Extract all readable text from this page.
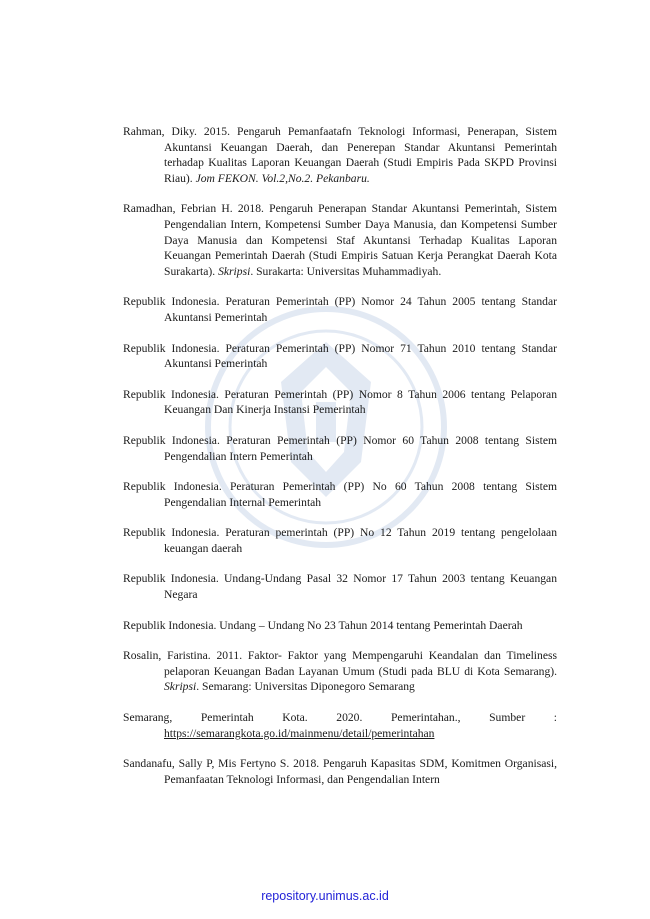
Rahman, Diky. 2015. Pengaruh Pemanfaatafn Teknologi Informasi, Penerapan, Sistem Akuntansi Keuangan Daerah, dan Penerepan Standar Akuntansi Pemerintah terhadap Kualitas Laporan Keuangan Daerah (Studi Empiris Pada SKPD Provinsi Riau). Jom FEKON. Vol.2,No.2. Pekanbaru.

Ramadhan, Febrian H. 2018. Pengaruh Penerapan Standar Akuntansi Pemerintah, Sistem Pengendalian Intern, Kompetensi Sumber Daya Manusia, dan Kompetensi Sumber Daya Manusia dan Kompetensi Staf Akuntansi Terhadap Kualitas Laporan Keuangan Pemerintah Daerah (Studi Empiris Satuan Kerja Perangkat Daerah Kota Surakarta). Skripsi. Surakarta: Universitas Muhammadiyah.

Republik Indonesia. Peraturan Pemerintah (PP) Nomor 24 Tahun 2005 tentang Standar Akuntansi Pemerintah

Republik Indonesia. Peraturan Pemerintah (PP) Nomor 71 Tahun 2010 tentang Standar Akuntansi Pemerintah

Republik Indonesia. Peraturan Pemerintah (PP) Nomor 8 Tahun 2006 tentang Pelaporan Keuangan Dan Kinerja Instansi Pemerintah

Republik Indonesia. Peraturan Pemerintah (PP) Nomor 60 Tahun 2008 tentang Sistem Pengendalian Intern Pemerintah

Republik Indonesia. Peraturan Pemerintah (PP) No 60 Tahun 2008 tentang Sistem Pengendalian Internal Pemerintah

Republik Indonesia. Peraturan pemerintah (PP) No 12 Tahun 2019 tentang pengelolaan keuangan daerah

Republik Indonesia. Undang-Undang Pasal 32 Nomor 17 Tahun 2003 tentang Keuangan Negara

Republik Indonesia. Undang – Undang No 23 Tahun 2014 tentang Pemerintah Daerah

Rosalin, Faristina. 2011. Faktor- Faktor yang Mempengaruhi Keandalan dan Timeliness pelaporan Keuangan Badan Layanan Umum (Studi pada BLU di Kota Semarang). Skripsi. Semarang: Universitas Diponegoro Semarang

Semarang, Pemerintah Kota. 2020. Pemerintahan., Sumber : https://semarangkota.go.id/mainmenu/detail/pemerintahan

Sandanafu, Sally P, Mis Fertyno S. 2018. Pengaruh Kapasitas SDM, Komitmen Organisasi, Pemanfaatan Teknologi Informasi, dan Pengendalian Intern

repository.unimus.ac.id
